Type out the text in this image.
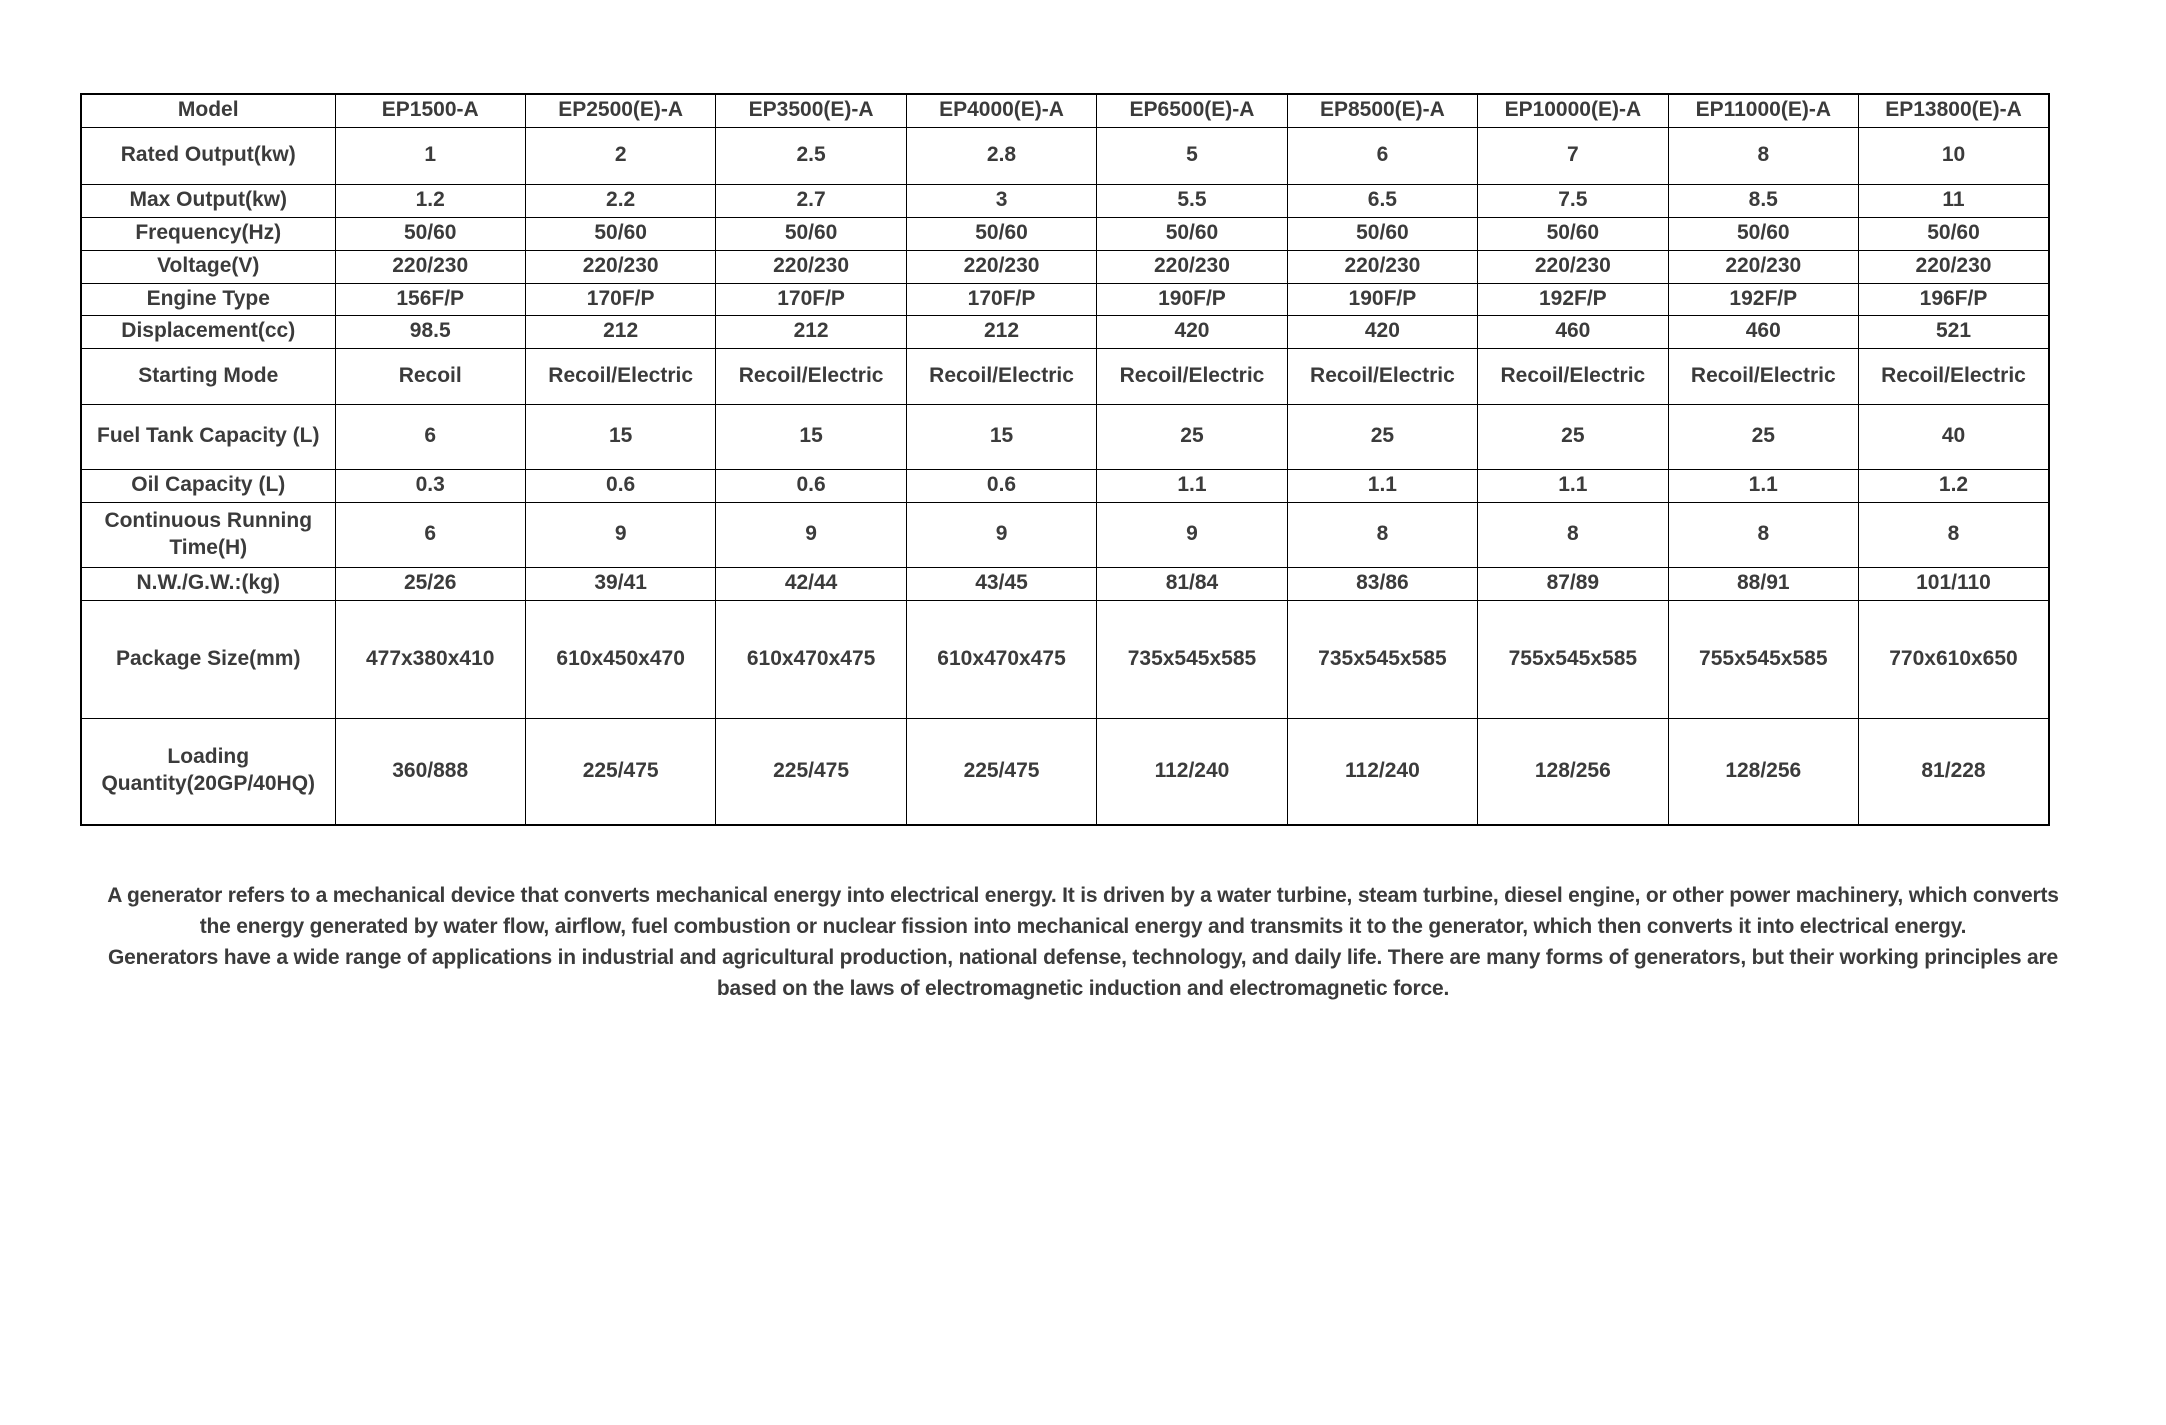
Model	EP1500-A	EP2500(E)-A	EP3500(E)-A	EP4000(E)-A	EP6500(E)-A	EP8500(E)-A	EP10000(E)-A	EP11000(E)-A	EP13800(E)-A
Rated Output(kw)	1	2	2.5	2.8	5	6	7	8	10
Max Output(kw)	1.2	2.2	2.7	3	5.5	6.5	7.5	8.5	11
Frequency(Hz)	50/60	50/60	50/60	50/60	50/60	50/60	50/60	50/60	50/60
Voltage(V)	220/230	220/230	220/230	220/230	220/230	220/230	220/230	220/230	220/230
Engine Type	156F/P	170F/P	170F/P	170F/P	190F/P	190F/P	192F/P	192F/P	196F/P
Displacement(cc)	98.5	212	212	212	420	420	460	460	521
Starting Mode	Recoil	Recoil/Electric	Recoil/Electric	Recoil/Electric	Recoil/Electric	Recoil/Electric	Recoil/Electric	Recoil/Electric	Recoil/Electric
Fuel Tank Capacity (L)	6	15	15	15	25	25	25	25	40
Oil Capacity (L)	0.3	0.6	0.6	0.6	1.1	1.1	1.1	1.1	1.2
Continuous Running Time(H)	6	9	9	9	9	8	8	8	8
N.W./G.W.:(kg)	25/26	39/41	42/44	43/45	81/84	83/86	87/89	88/91	101/110
Package Size(mm)	477x380x410	610x450x470	610x470x475	610x470x475	735x545x585	735x545x585	755x545x585	755x545x585	770x610x650
Loading Quantity(20GP/40HQ)	360/888	225/475	225/475	225/475	112/240	112/240	128/256	128/256	81/228

A generator refers to a mechanical device that converts mechanical energy into electrical energy. It is driven by a water turbine, steam turbine, diesel engine, or other power machinery, which converts the energy generated by water flow, airflow, fuel combustion or nuclear fission into mechanical energy and transmits it to the generator, which then converts it into electrical energy.

Generators have a wide range of applications in industrial and agricultural production, national defense, technology, and daily life. There are many forms of generators, but their working principles are based on the laws of electromagnetic induction and electromagnetic force.
